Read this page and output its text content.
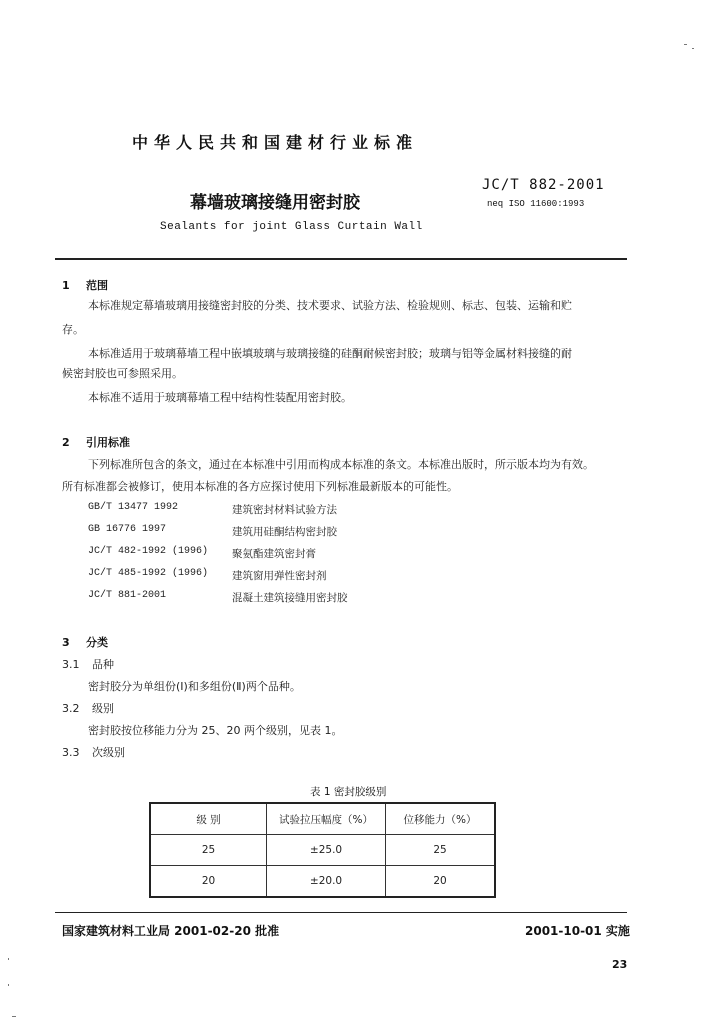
中华人民共和国建材行业标准
JC/T 882-2001
neq ISO 11600:1993
幕墙玻璃接缝用密封胶
Sealants for joint Glass Curtain Wall
1 范围
本标准规定幕墙玻璃用接缝密封胶的分类、技术要求、试验方法、检验规则、标志、包装、运输和贮
存。
本标准适用于玻璃幕墙工程中嵌填玻璃与玻璃接缝的硅酮耐候密封胶；玻璃与铝等金属材料接缝的耐
候密封胶也可参照采用。
本标准不适用于玻璃幕墙工程中结构性装配用密封胶。
2 引用标准
下列标准所包含的条文，通过在本标准中引用而构成本标准的条文。本标准出版时，所示版本均为有效。
所有标准都会被修订，使用本标准的各方应探讨使用下列标准最新版本的可能性。
GB/T 13477 1992	建筑密封材料试验方法
GB 16776 1997	建筑用硅酮结构密封胶
JC/T 482-1992 (1996) 聚氨酯建筑密封膏
JC/T 485-1992 (1996) 建筑窗用弹性密封剂
JC/T 881-2001	混凝土建筑接缝用密封胶
3 分类
3.1 品种
密封胶分为单组份(Ⅰ)和多组份(Ⅱ)两个品种。
3.2 级别
密封胶按位移能力分为 25、20 两个级别，见表 1。
3.3 次级别
表 1 密封胶级别
级 别	试验拉压幅度（%）	位移能力（%）
25	±25.0	25
20	±20.0	20
国家建筑材料工业局 2001-02-20 批准	2001-10-01 实施
23
